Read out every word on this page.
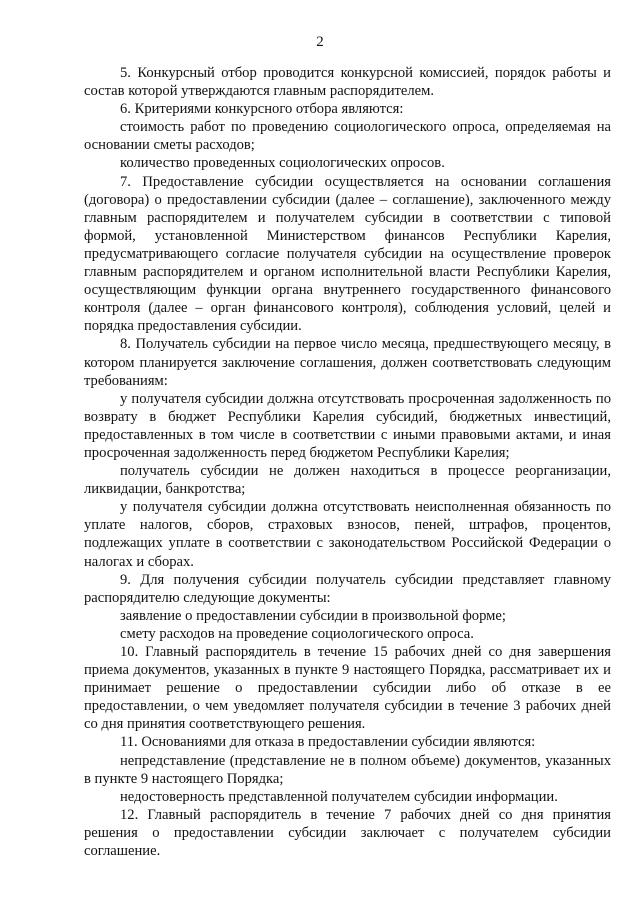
2

5. Конкурсный отбор проводится конкурсной комиссией, порядок работы и состав которой утверждаются главным распорядителем.

6. Критериями конкурсного отбора являются:

стоимость работ по проведению социологического опроса, определяемая на основании сметы расходов;

количество проведенных социологических опросов.

7. Предоставление субсидии осуществляется на основании соглашения (договора) о предоставлении субсидии (далее – соглашение), заключенного между главным распорядителем и получателем субсидии в соответствии с типовой формой, установленной Министерством финансов Республики Карелия, предусматривающего согласие получателя субсидии на осуществление проверок главным распорядителем и органом исполнительной власти Республики Карелия, осуществляющим функции органа внутреннего государственного финансового контроля (далее – орган финансового контроля), соблюдения условий, целей и порядка предоставления субсидии.

8. Получатель субсидии на первое число месяца, предшествующего месяцу, в котором планируется заключение соглашения, должен соответствовать следующим требованиям:

у получателя субсидии должна отсутствовать просроченная задолженность по возврату в бюджет Республики Карелия субсидий, бюджетных инвестиций, предоставленных в том числе в соответствии с иными правовыми актами, и иная просроченная задолженность перед бюджетом Республики Карелия;

получатель субсидии не должен находиться в процессе реорганизации, ликвидации, банкротства;

у получателя субсидии должна отсутствовать неисполненная обязанность по уплате налогов, сборов, страховых взносов, пеней, штрафов, процентов, подлежащих уплате в соответствии с законодательством Российской Федерации о налогах и сборах.

9. Для получения субсидии получатель субсидии представляет главному распорядителю следующие документы:

заявление о предоставлении субсидии в произвольной форме;

смету расходов на проведение социологического опроса.

10. Главный распорядитель в течение 15 рабочих дней со дня завершения приема документов, указанных в пункте 9 настоящего Порядка, рассматривает их и принимает решение о предоставлении субсидии либо об отказе в ее предоставлении, о чем уведомляет получателя субсидии в течение 3 рабочих дней со дня принятия соответствующего решения.

11. Основаниями для отказа в предоставлении субсидии являются:

непредставление (представление не в полном объеме) документов, указанных в пункте 9 настоящего Порядка;

недостоверность представленной получателем субсидии информации.

12. Главный распорядитель в течение 7 рабочих дней со дня принятия решения о предоставлении субсидии заключает с получателем субсидии соглашение.
